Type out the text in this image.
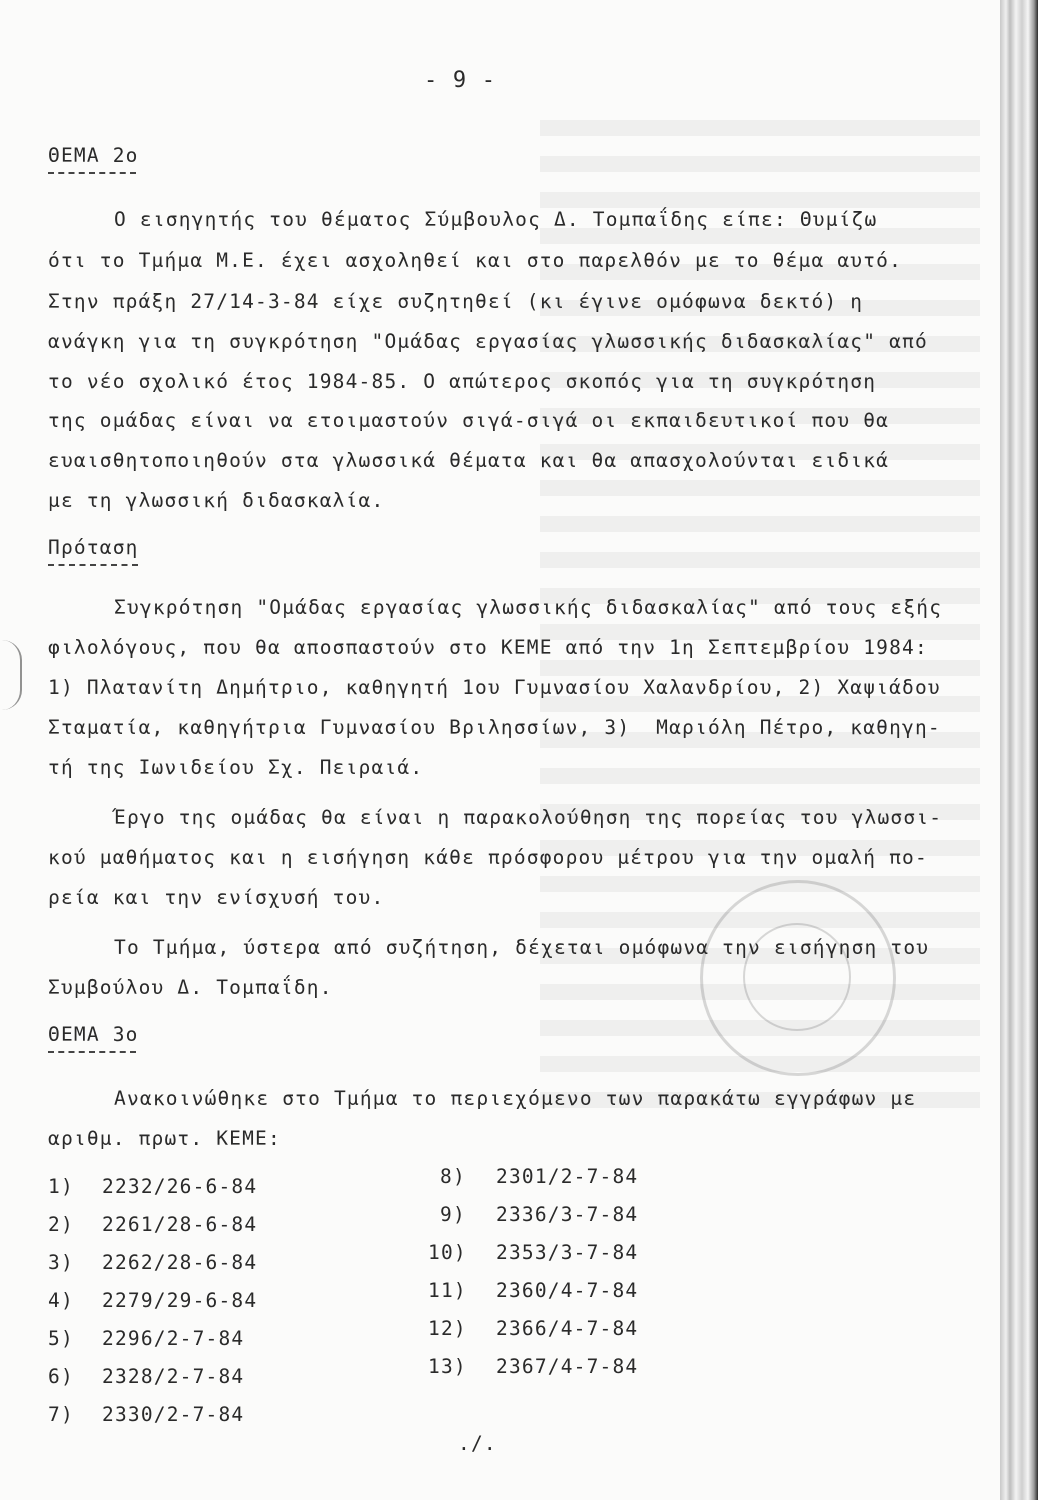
- 9 -
ΘΕΜΑ 2ο
Ο εισηγητής του θέματος Σύμβουλος Δ. Τομπαΐδης είπε: Θυμίζω
ότι το Τμήμα Μ.Ε. έχει ασχοληθεί και στο παρελθόν με το θέμα αυτό.
Στην πράξη 27/14-3-84 είχε συζητηθεί (κι έγινε ομόφωνα δεκτό) η
ανάγκη για τη συγκρότηση "Ομάδας εργασίας γλωσσικής διδασκαλίας" από
το νέο σχολικό έτος 1984-85. Ο απώτερος σκοπός για τη συγκρότηση
της ομάδας είναι να ετοιμαστούν σιγά-σιγά οι εκπαιδευτικοί που θα
ευαισθητοποιηθούν στα γλωσσικά θέματα και θα απασχολούνται ειδικά
με τη γλωσσική διδασκαλία.
Πρόταση
Συγκρότηση "Ομάδας εργασίας γλωσσικής διδασκαλίας" από τους εξής
φιλολόγους, που θα αποσπαστούν στο ΚΕΜΕ από την 1η Σεπτεμβρίου 1984:
1) Πλατανίτη Δημήτριο, καθηγητή 1ου Γυμνασίου Χαλανδρίου, 2) Χαψιάδου
Σταματία, καθηγήτρια Γυμνασίου Βριλησσίων, 3)  Μαριόλη Πέτρο, καθηγη-
τή της Ιωνιδείου Σχ. Πειραιά.
Έργο της ομάδας θα είναι η παρακολούθηση της πορείας του γλωσσι-
κού μαθήματος και η εισήγηση κάθε πρόσφορου μέτρου για την ομαλή πο-
ρεία και την ενίσχυσή του.
Το Τμήμα, ύστερα από συζήτηση, δέχεται ομόφωνα την εισήγηση του
Συμβούλου Δ. Τομπαΐδη.
ΘΕΜΑ 3ο
Ανακοινώθηκε στο Τμήμα το περιεχόμενο των παρακάτω εγγράφων με
αριθμ. πρωτ. ΚΕΜΕ:
1) 2232/26-6-84
2) 2261/28-6-84
3) 2262/28-6-84
4) 2279/29-6-84
5) 2296/2-7-84
6) 2328/2-7-84
7) 2330/2-7-84
8) 2301/2-7-84
9) 2336/3-7-84
10) 2353/3-7-84
11) 2360/4-7-84
12) 2366/4-7-84
13) 2367/4-7-84
./.
